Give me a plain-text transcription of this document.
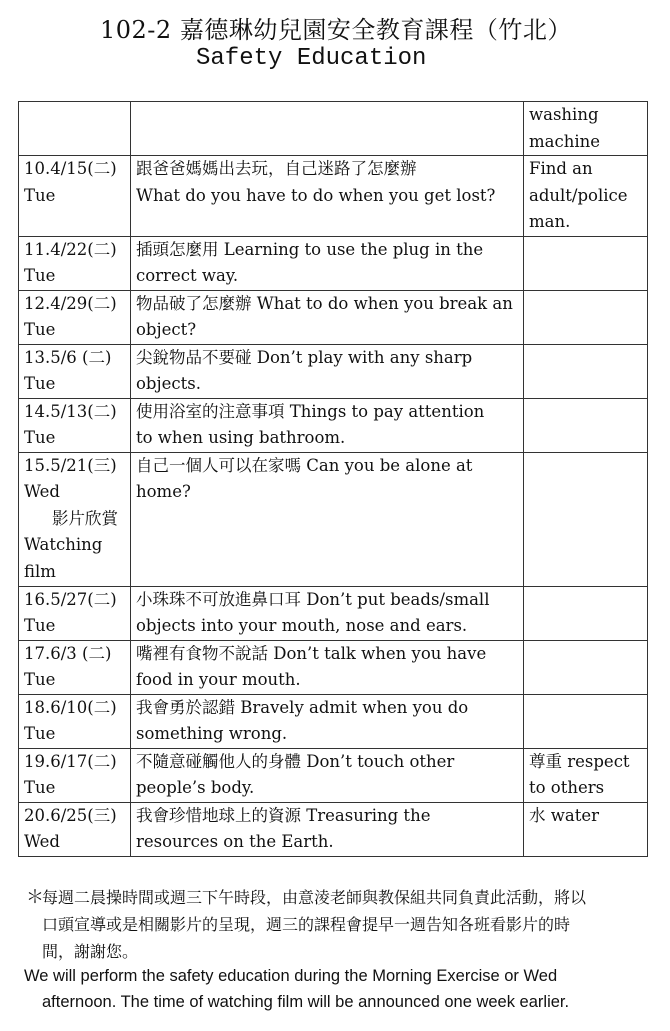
102-2 嘉德琳幼兒園安全教育課程（竹北）
Safety Education

		washing
machine

10.4/15(二)
Tue	跟爸爸媽媽出去玩，自己迷路了怎麼辦
What do you have to do when you get lost?	Find an
adult/police
man.

11.4/22(二)
Tue	插頭怎麼用 Learning to use the plug in the
correct way.	

12.4/29(二)
Tue	物品破了怎麼辦 What to do when you break an
object?	

13.5/6 (二)
Tue	尖銳物品不要碰 Don’t play with any sharp
objects.	

14.5/13(二)
Tue	使用浴室的注意事項 Things to pay attention
to when using bathroom.	

15.5/21(三)
Wed
影片欣賞
Watching
film	自己一個人可以在家嗎 Can you be alone at
home?	

16.5/27(二)
Tue	小珠珠不可放進鼻口耳 Don’t put beads/small
objects into your mouth, nose and ears.	

17.6/3 (二)
Tue	嘴裡有食物不說話 Don’t talk when you have
food in your mouth.	

18.6/10(二)
Tue	我會勇於認錯 Bravely admit when you do
something wrong.	

19.6/17(二)
Tue	不隨意碰觸他人的身體 Don’t touch other
people’s body.	尊重 respect
to others

20.6/25(三)
Wed	我會珍惜地球上的資源 Treasuring the
resources on the Earth.	水 water
＊
每週二晨操時間或週三下午時段，由意淩老師與教保組共同負責此活動，將以
口頭宣導或是相關影片的呈現，週三的課程會提早一週告知各班看影片的時
間，謝謝您。
We will perform the safety education during the Morning Exercise or Wed
afternoon. The time of watching film will be announced one week earlier.
